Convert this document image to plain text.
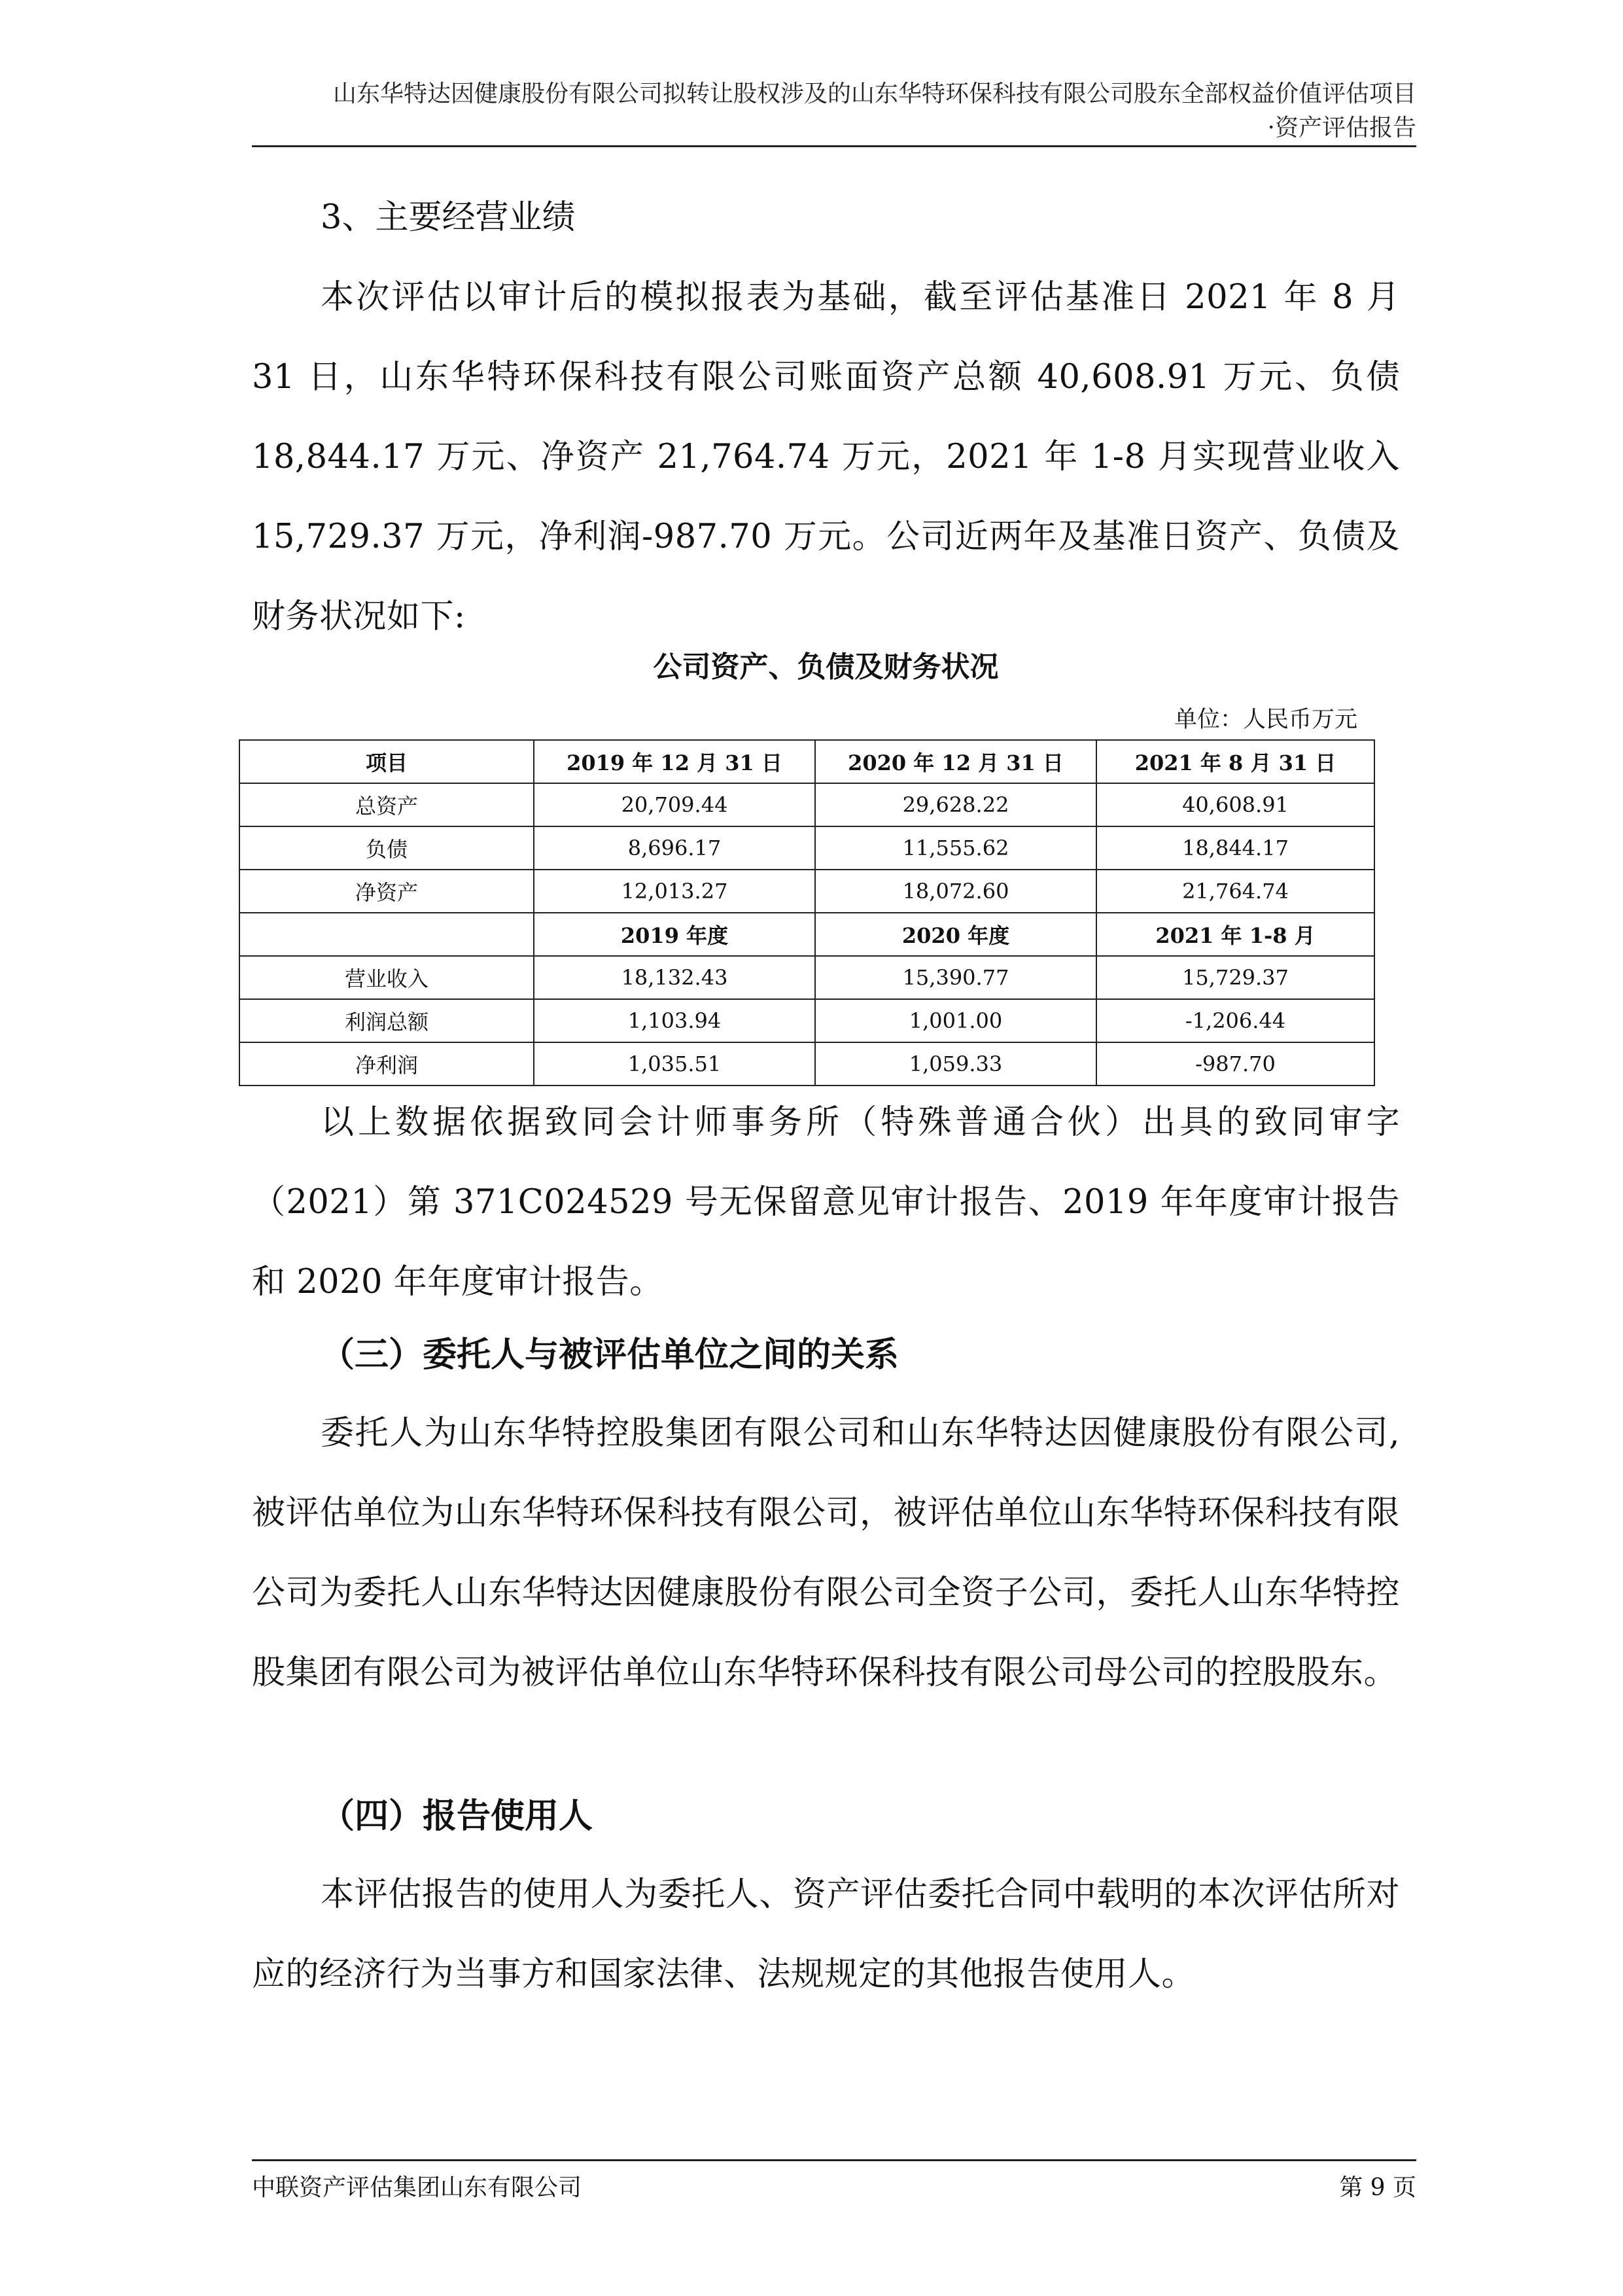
山东华特达因健康股份有限公司拟转让股权涉及的山东华特环保科技有限公司股东全部权益价值评估项目
·资产评估报告
3、主要经营业绩
本次评估以审计后的模拟报表为基础，截至评估基准日 2021 年 8 月 31 日，山东华特环保科技有限公司账面资产总额 40,608.91 万元、负债 18,844.17 万元、净资产 21,764.74 万元，2021 年 1-8 月实现营业收入 15,729.37 万元，净利润-987.70 万元。公司近两年及基准日资产、负债及财务状况如下:
公司资产、负债及财务状况
单位：人民币万元
项目	2019 年 12 月 31 日	2020 年 12 月 31 日	2021 年 8 月 31 日
总资产	20,709.44	29,628.22	40,608.91
负债	8,696.17	11,555.62	18,844.17
净资产	12,013.27	18,072.60	21,764.74
	2019 年度	2020 年度	2021 年 1-8 月
营业收入	18,132.43	15,390.77	15,729.37
利润总额	1,103.94	1,001.00	-1,206.44
净利润	1,035.51	1,059.33	-987.70
以上数据依据致同会计师事务所（特殊普通合伙）出具的致同审字（2021）第 371C024529 号无保留意见审计报告、2019 年年度审计报告和 2020 年年度审计报告。
（三）委托人与被评估单位之间的关系
委托人为山东华特控股集团有限公司和山东华特达因健康股份有限公司,被评估单位为山东华特环保科技有限公司，被评估单位山东华特环保科技有限公司为委托人山东华特达因健康股份有限公司全资子公司，委托人山东华特控股集团有限公司为被评估单位山东华特环保科技有限公司母公司的控股股东。
（四）报告使用人
本评估报告的使用人为委托人、资产评估委托合同中载明的本次评估所对应的经济行为当事方和国家法律、法规规定的其他报告使用人。
中联资产评估集团山东有限公司	第 9 页
